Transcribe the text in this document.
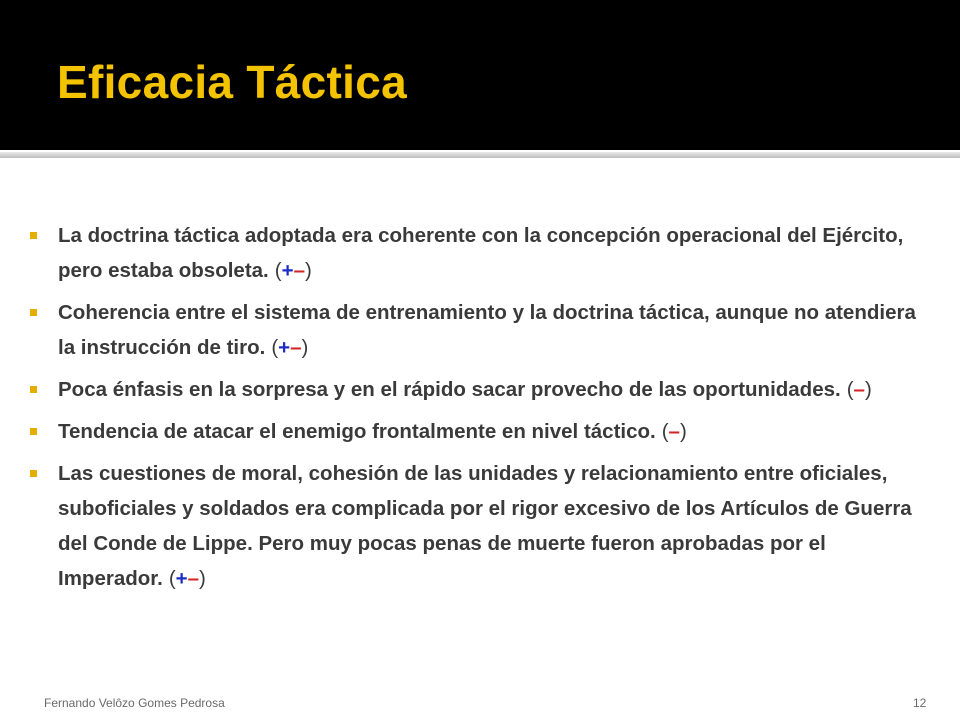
Eficacia Táctica
La doctrina táctica adoptada era coherente con la concepción operacional del Ejército, pero estaba obsoleta. (+–)
Coherencia entre el sistema de entrenamiento y la doctrina táctica, aunque no atendiera la instrucción de tiro. (+–)
Poca énfasis en la sorpresa y en el rápido sacar provecho de las oportunidades. (–)
Tendencia de atacar el enemigo frontalmente en nivel táctico. (–)
Las cuestiones de moral, cohesión de las unidades y relacionamiento entre oficiales, suboficiales y soldados era complicada por el rigor excesivo de los Artículos de Guerra del Conde de Lippe. Pero muy pocas penas de muerte fueron aprobadas por el Imperador. (+–)
Fernando Velôzo Gomes Pedrosa	12
